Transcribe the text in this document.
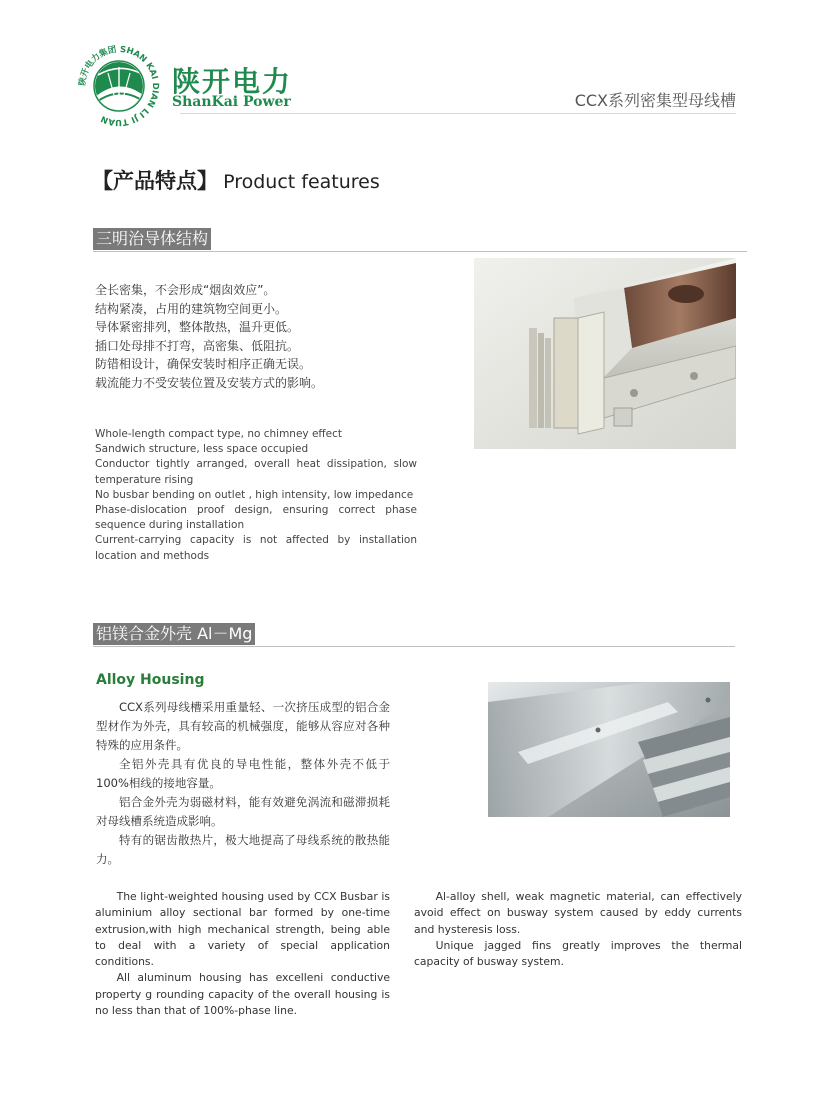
陕开电力集团 SHAN KAI DIAN LI JI TUAN
陕开电力
ShanKai Power	CCX系列密集型母线槽
【产品特点】 Product features
三明治导体结构
全长密集，不会形成“烟囱效应”。
结构紧凑，占用的建筑物空间更小。
导体紧密排列，整体散热，温升更低。
插口处母排不打弯，高密集、低阻抗。
防错相设计，确保安装时相序正确无误。
载流能力不受安装位置及安装方式的影响。
Whole-length compact type, no chimney effect
Sandwich structure, less space occupied
Conductor tightly arranged, overall heat dissipation, slow temperature rising
No busbar bending on outlet , high intensity, low impedance
Phase-dislocation proof design, ensuring correct phase sequence during installation
Current-carrying capacity is not affected by installation location and methods
铝镁合金外壳 Al－Mg
Alloy Housing

CCX系列母线槽采用重量轻、一次挤压成型的铝合金型材作为外壳，具有较高的机械强度，能够从容应对各种特殊的应用条件。

全铝外壳具有优良的导电性能，整体外壳不低于100%相线的接地容量。

铝合金外壳为弱磁材料，能有效避免涡流和磁滞损耗对母线槽系统造成影响。

特有的锯齿散热片，极大地提高了母线系统的散热能力。

The light-weighted housing used by CCX Busbar is aluminium alloy sectional bar formed by one-time extrusion,with high mechanical strength, being able to deal with a variety of special application conditions.

All aluminum housing has excelleni conductive property g rounding capacity of the overall housing is no less than that of 100%-phase line.

Al-alloy shell, weak magnetic material, can effectively avoid effect on busway system caused by eddy currents and hysteresis loss.

Unique jagged fins greatly improves the thermal capacity of busway system.
